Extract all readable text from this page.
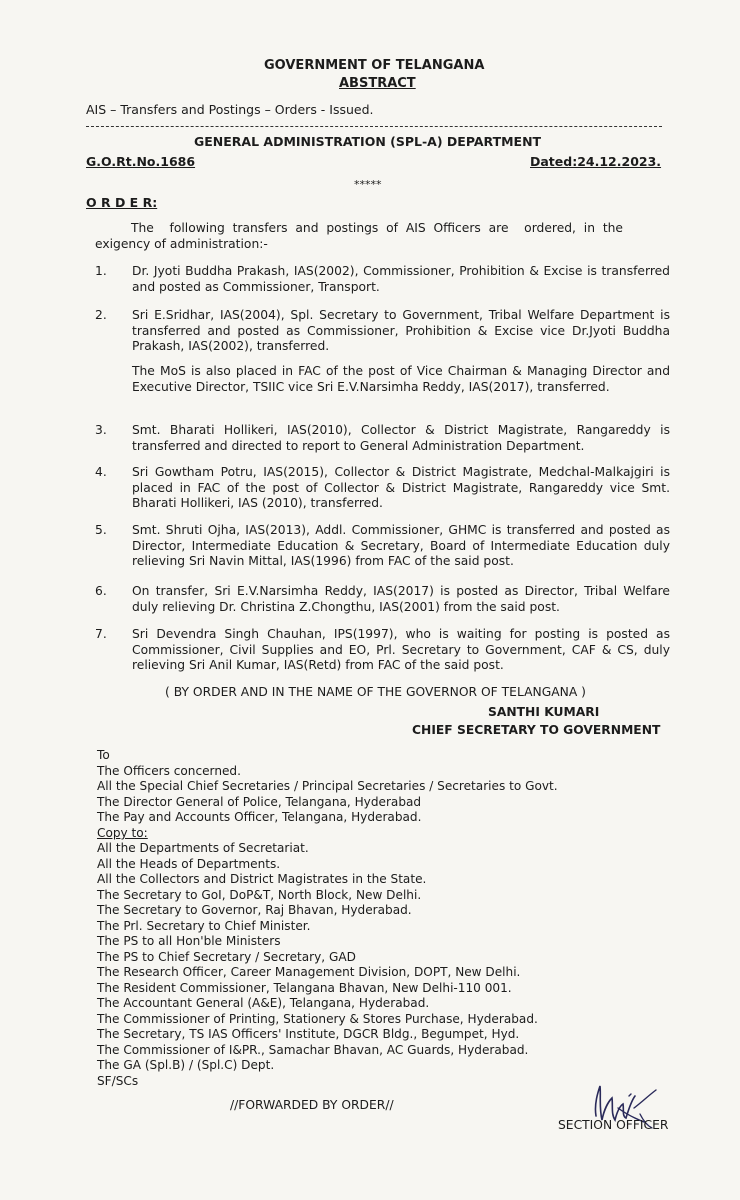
GOVERNMENT OF TELANGANA
ABSTRACT
AIS – Transfers and Postings – Orders - Issued.
GENERAL ADMINISTRATION (SPL-A) DEPARTMENT
G.O.Rt.No.1686	Dated:24.12.2023.
*****
O R D E R:
The    following  transfers  and  postings  of  AIS  Officers  are    ordered,  in  the
exigency of administration:-
1. Dr. Jyoti Buddha Prakash, IAS(2002), Commissioner, Prohibition & Excise is transferred and posted as Commissioner, Transport.
2. Sri E.Sridhar, IAS(2004), Spl. Secretary to Government, Tribal Welfare Department is transferred and posted as Commissioner, Prohibition & Excise vice Dr.Jyoti Buddha Prakash, IAS(2002), transferred.
The MoS is also placed in FAC of the post of Vice Chairman & Managing Director and Executive Director, TSIIC vice Sri E.V.Narsimha Reddy, IAS(2017), transferred.
3. Smt. Bharati Hollikeri, IAS(2010), Collector & District Magistrate, Rangareddy is transferred and directed to report to General Administration Department.
4. Sri Gowtham Potru, IAS(2015), Collector & District Magistrate, Medchal-Malkajgiri is placed in FAC of the post of Collector & District Magistrate, Rangareddy vice Smt. Bharati Hollikeri, IAS (2010), transferred.
5. Smt. Shruti Ojha, IAS(2013), Addl. Commissioner, GHMC is transferred and posted as Director, Intermediate Education & Secretary, Board of Intermediate Education duly relieving Sri Navin Mittal, IAS(1996) from FAC of the said post.
6. On transfer, Sri E.V.Narsimha Reddy, IAS(2017) is posted as Director, Tribal Welfare duly relieving Dr. Christina Z.Chongthu, IAS(2001) from the said post.
7. Sri Devendra Singh Chauhan, IPS(1997), who is waiting for posting is posted as Commissioner, Civil Supplies and EO, Prl. Secretary to Government, CAF & CS, duly relieving Sri Anil Kumar, IAS(Retd) from FAC of the said post.
( BY ORDER AND IN THE NAME OF THE GOVERNOR OF TELANGANA )
SANTHI KUMARI
CHIEF SECRETARY TO GOVERNMENT
To
The Officers concerned.
All the Special Chief Secretaries / Principal Secretaries / Secretaries to Govt.
The Director General of Police, Telangana, Hyderabad
The Pay and Accounts Officer, Telangana, Hyderabad.
Copy to:
All the Departments of Secretariat.
All the Heads of Departments.
All the Collectors and District Magistrates in the State.
The Secretary to GoI, DoP&T, North Block, New Delhi.
The Secretary to Governor, Raj Bhavan, Hyderabad.
The Prl. Secretary to Chief Minister.
The PS to all Hon'ble Ministers
The PS to Chief Secretary / Secretary, GAD
The Research Officer, Career Management Division, DOPT, New Delhi.
The Resident Commissioner, Telangana Bhavan, New Delhi-110 001.
The Accountant General (A&E), Telangana, Hyderabad.
The Commissioner of Printing, Stationery & Stores Purchase, Hyderabad.
The Secretary, TS IAS Officers' Institute, DGCR Bldg., Begumpet, Hyd.
The Commissioner of I&PR., Samachar Bhavan, AC Guards, Hyderabad.
The GA (Spl.B) / (Spl.C) Dept.
SF/SCs
//FORWARDED BY ORDER//
SECTION OFFICER
